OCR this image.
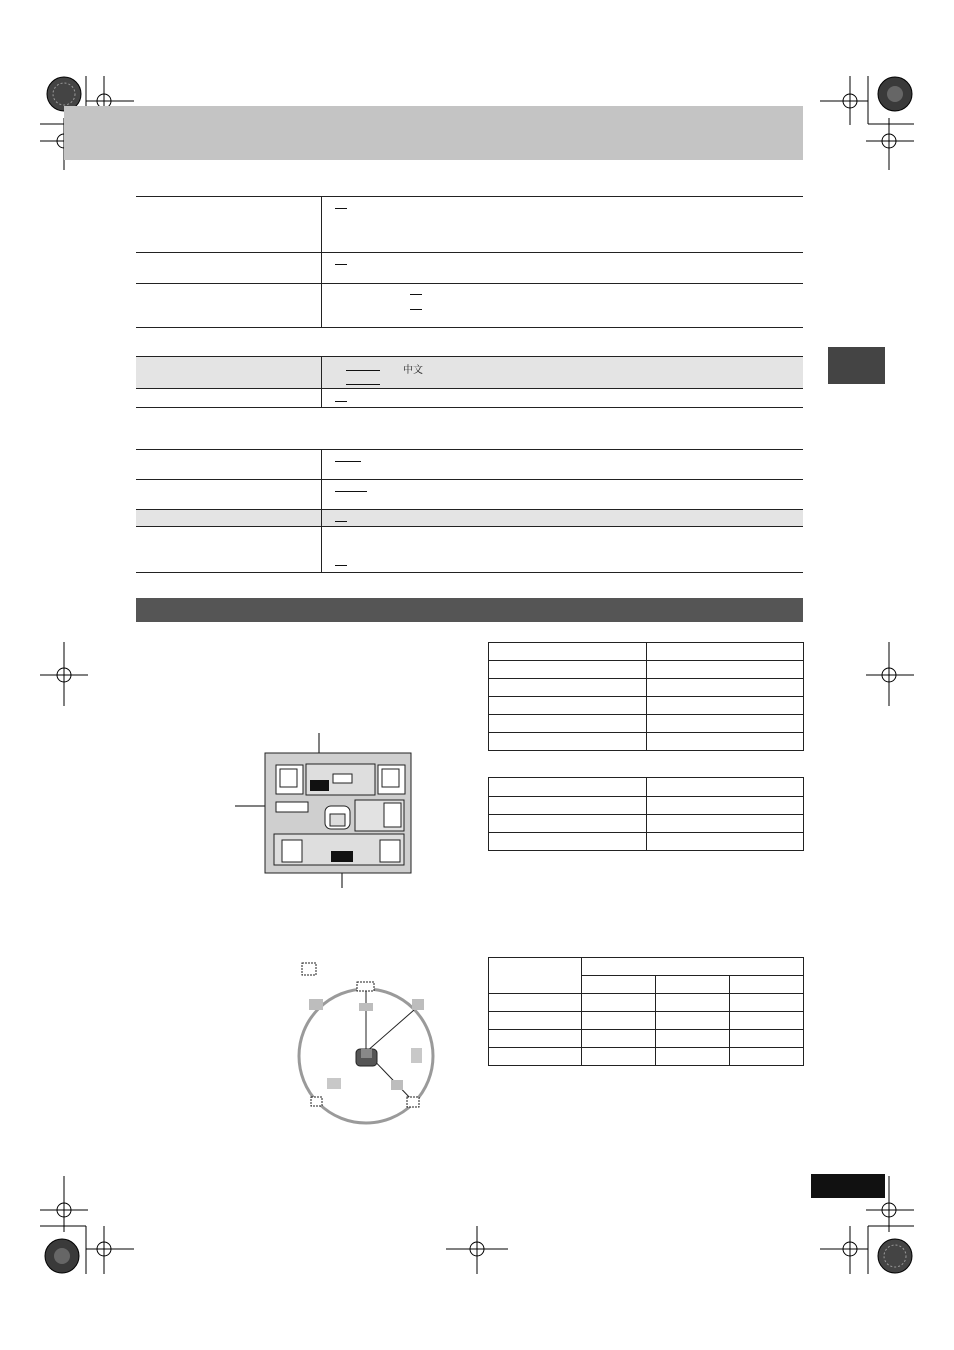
中文
